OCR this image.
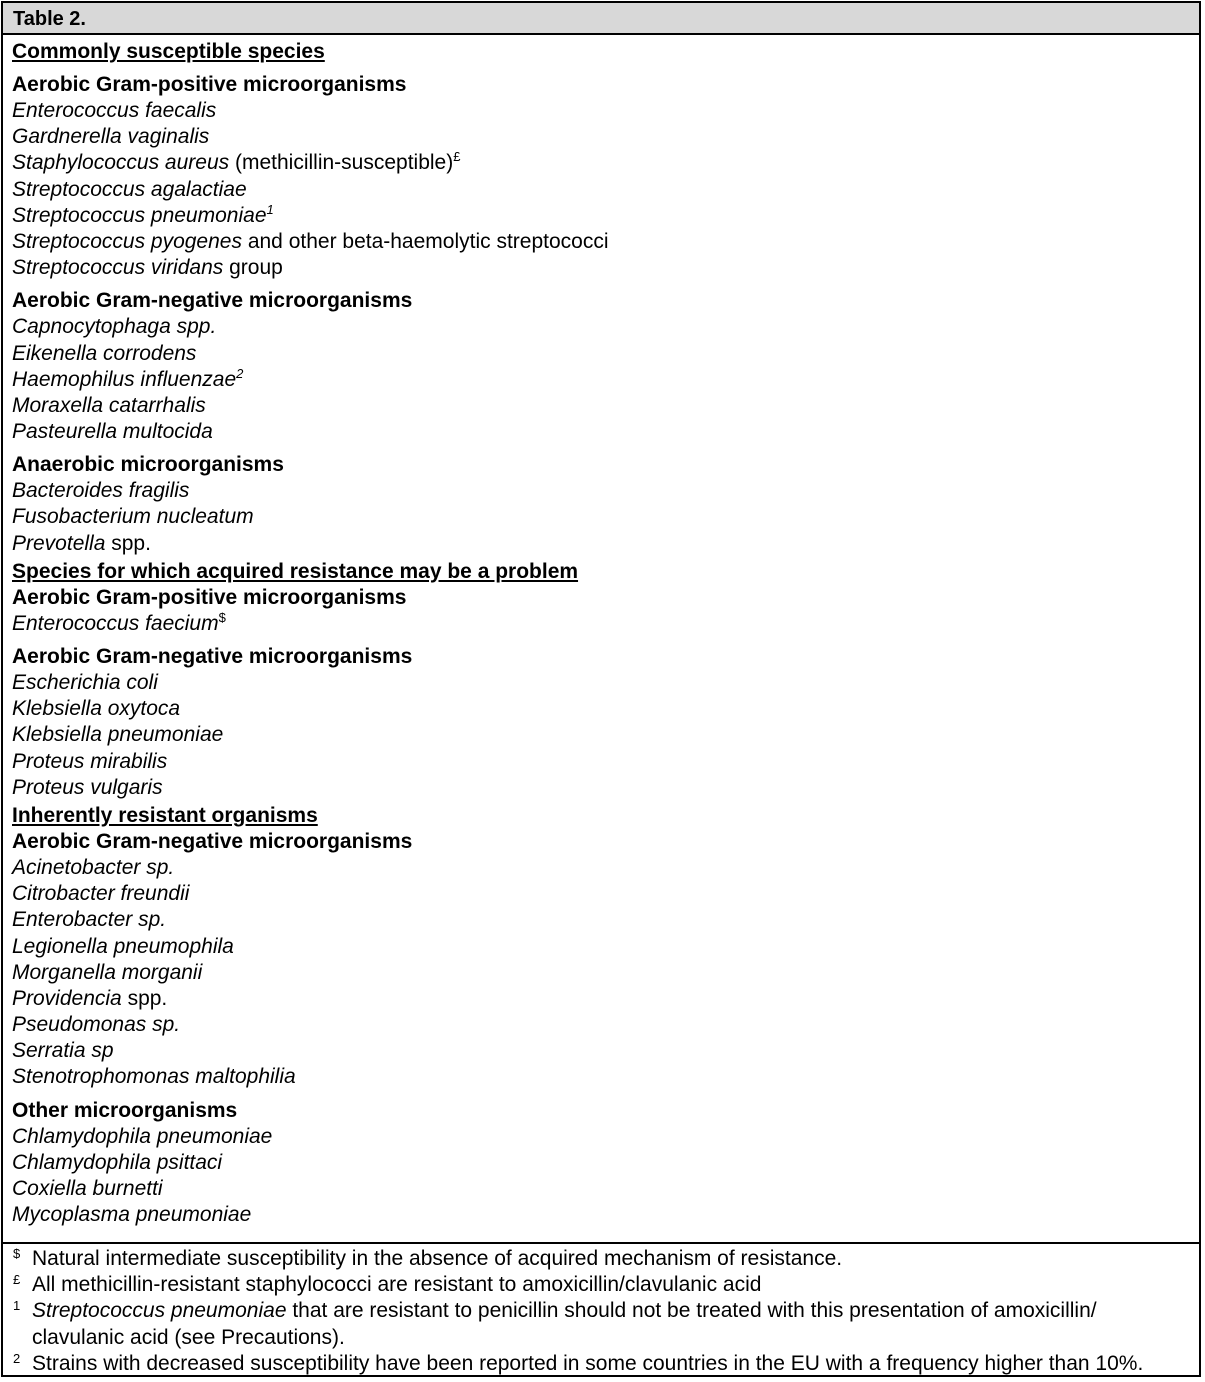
Table 2.
Commonly susceptible species
Aerobic Gram-positive microorganisms
Enterococcus faecalis
Gardnerella vaginalis
Staphylococcus aureus (methicillin-susceptible)£
Streptococcus agalactiae
Streptococcus pneumoniae$^1$
Streptococcus pyogenes and other beta-haemolytic streptococci
Streptococcus viridans group
Aerobic Gram-negative microorganisms
Capnocytophaga spp.
Eikenella corrodens
Haemophilus influenzae$^2$
Moraxella catarrhalis
Pasteurella multocida
Anaerobic microorganisms
Bacteroides fragilis
Fusobacterium nucleatum
Prevotella spp.
Species for which acquired resistance may be a problem
Aerobic Gram-positive microorganisms
Enterococcus faecium$
Aerobic Gram-negative microorganisms
Escherichia coli
Klebsiella oxytoca
Klebsiella pneumoniae
Proteus mirabilis
Proteus vulgaris
Inherently resistant organisms
Aerobic Gram-negative microorganisms
Acinetobacter sp.
Citrobacter freundii
Enterobacter sp.
Legionella pneumophila
Morganella morganii
Providencia spp.
Pseudomonas sp.
Serratia sp
Stenotrophomonas maltophilia
Other microorganisms
Chlamydophila pneumoniae
Chlamydophila psittaci
Coxiella burnetti
Mycoplasma pneumoniae
$ Natural intermediate susceptibility in the absence of acquired mechanism of resistance.
£ All methicillin-resistant staphylococci are resistant to amoxicillin/clavulanic acid
1 Streptococcus pneumoniae that are resistant to penicillin should not be treated with this presentation of amoxicillin/ clavulanic acid (see Precautions).
2 Strains with decreased susceptibility have been reported in some countries in the EU with a frequency higher than 10%.
